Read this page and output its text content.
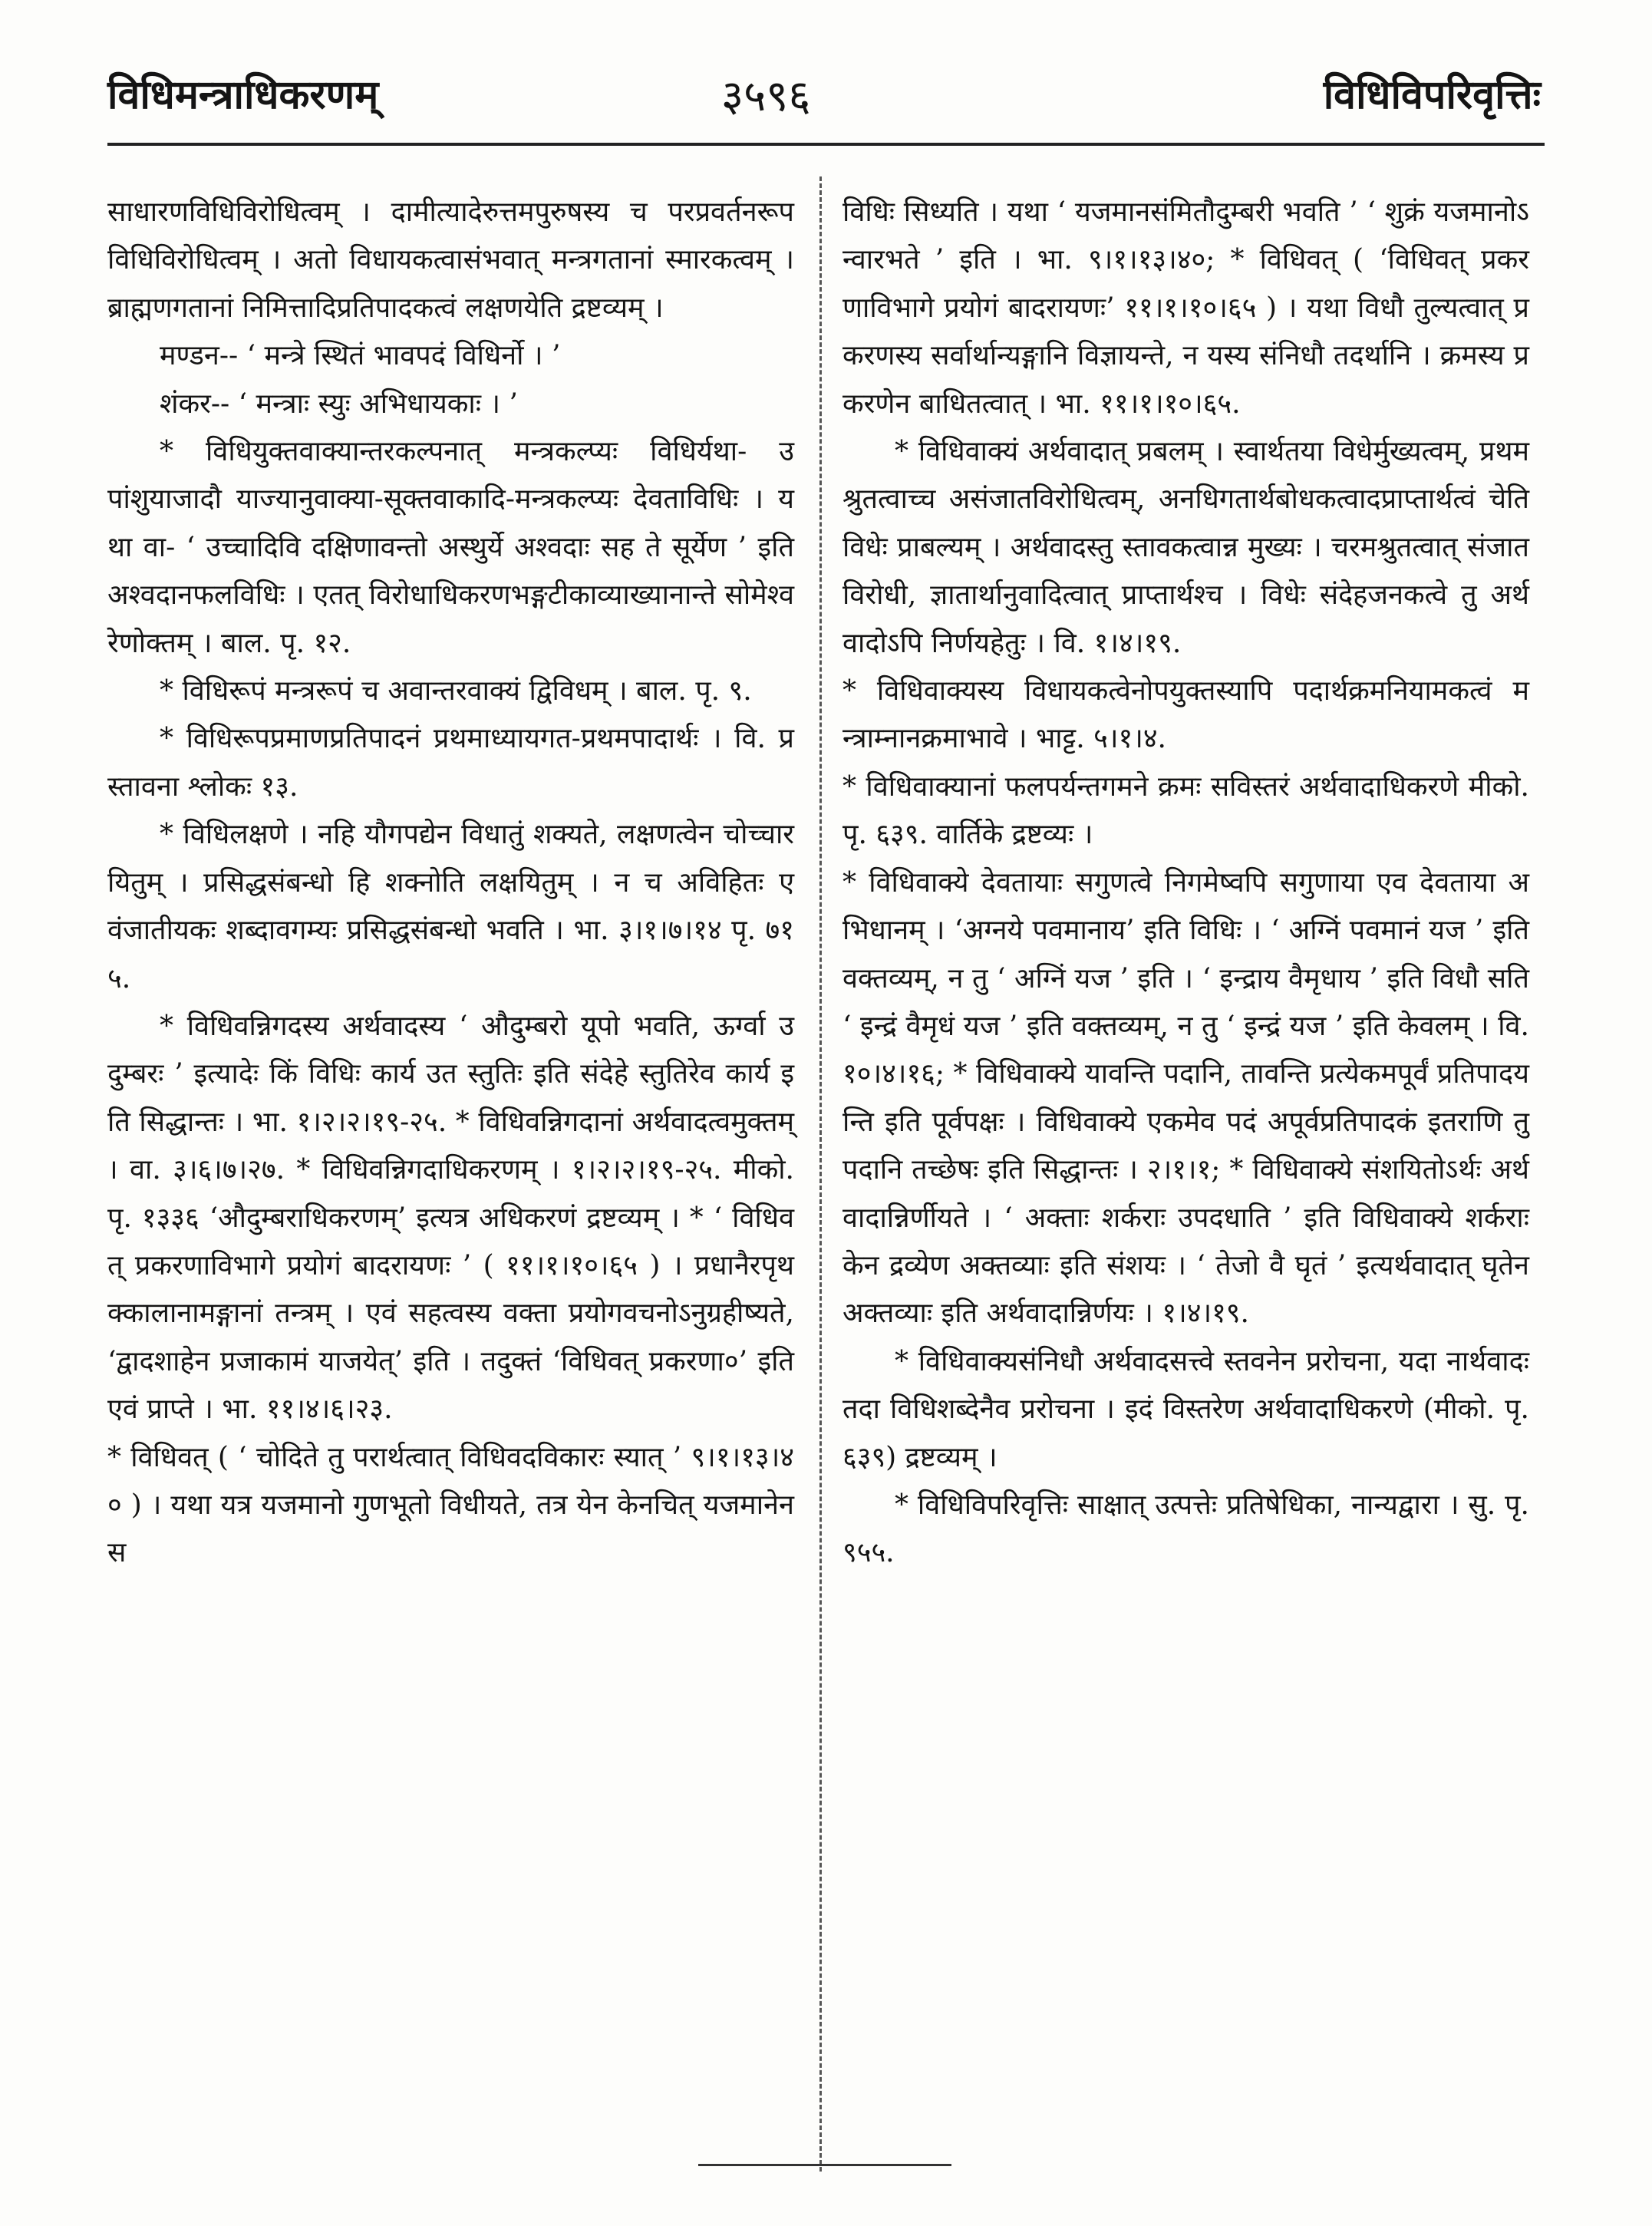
विधिमन्त्राधिकरणम्	३५९६	विधिविपरिवृत्तिः

साधारणविधिविरोधित्वम् । दामीत्यादेरुत्तमपुरुषस्य च परप्रवर्तनरूपविधिविरोधित्वम् । अतो विधायकत्वासंभवात् मन्त्रगतानां स्मारकत्वम् । ब्राह्मणगतानां निमित्तादिप्रतिपादकत्वं लक्षणयेति द्रष्टव्यम् ।

मण्डन-- ‘ मन्त्रे स्थितं भावपदं विधिर्नो । ’

शंकर-- ‘ मन्त्राः स्युः अभिधायकाः । ’

* विधियुक्तवाक्यान्तरकल्पनात् मन्त्रकल्प्यः विधिर्यथा- उपांशुयाजादौ याज्यानुवाक्या-सूक्तवाकादि-मन्त्रकल्प्यः देवताविधिः । यथा वा- ‘ उच्चादिवि दक्षिणावन्तो अस्थुर्ये अश्वदाः सह ते सूर्येण ’ इति अश्वदानफलविधिः । एतत् विरोधाधिकरणभङ्गटीकाव्याख्यानान्ते सोमेश्वरेणोक्तम् । बाल. पृ. १२.

* विधिरूपं मन्त्ररूपं च अवान्तरवाक्यं द्विविधम् । बाल. पृ. ९.

* विधिरूपप्रमाणप्रतिपादनं प्रथमाध्यायगत-प्रथमपादार्थः । वि. प्रस्तावना श्लोकः १३.

* विधिलक्षणे । नहि यौगपद्येन विधातुं शक्यते, लक्षणत्वेन चोच्चारयितुम् । प्रसिद्धसंबन्धो हि शक्नोति लक्षयितुम् । न च अविहितः एवंजातीयकः शब्दावगम्यः प्रसिद्धसंबन्धो भवति । भा. ३।१।७।१४ पृ. ७१५.

* विधिवन्निगदस्य अर्थवादस्य ‘ औदुम्बरो यूपो भवति, ऊर्ग्वा उदुम्बरः ’ इत्यादेः किं विधिः कार्य उत स्तुतिः इति संदेहे स्तुतिरेव कार्य इति सिद्धान्तः । भा. १।२।२।१९-२५. * विधिवन्निगदानां अर्थवादत्वमुक्तम् । वा. ३।६।७।२७. * विधिवन्निगदाधिकरणम् । १।२।२।१९-२५. मीको. पृ. १३३६ ‘औदुम्बराधिकरणम्’ इत्यत्र अधिकरणं द्रष्टव्यम् । * ‘ विधिवत् प्रकरणाविभागे प्रयोगं बादरायणः ’ ( ११।१।१०।६५ ) । प्रधानैरपृथक्कालानामङ्गानां तन्त्रम् । एवं सहत्वस्य वक्ता प्रयोगवचनोऽनुग्रहीष्यते, ‘द्वादशाहेन प्रजाकामं याजयेत्’ इति । तदुक्तं ‘विधिवत् प्रकरणा०’ इति एवं प्राप्ते । भा. ११।४।६।२३.

* विधिवत् ( ‘ चोदिते तु परार्थत्वात् विधिवदविकारः स्यात् ’ ९।१।१३।४० ) । यथा यत्र यजमानो गुणभूतो विधीयते, तत्र येन केनचित् यजमानेन स

विधिः सिध्यति । यथा ‘ यजमानसंमितौदुम्बरी भवति ’ ‘ शुक्रं यजमानोऽन्वारभते ’ इति । भा. ९।१।१३।४०; * विधिवत् ( ‘विधिवत् प्रकरणाविभागे प्रयोगं बादरायणः’ ११।१।१०।६५ ) । यथा विधौ तुल्यत्वात् प्रकरणस्य सर्वार्थान्यङ्गानि विज्ञायन्ते, न यस्य संनिधौ तदर्थानि । क्रमस्य प्रकरणेन बाधितत्वात् । भा. ११।१।१०।६५.

* विधिवाक्यं अर्थवादात् प्रबलम् । स्वार्थतया विधेर्मुख्यत्वम्, प्रथमश्रुतत्वाच्च असंजातविरोधित्वम्, अनधिगतार्थबोधकत्वादप्राप्तार्थत्वं चेति विधेः प्राबल्यम् । अर्थवादस्तु स्तावकत्वान्न मुख्यः । चरमश्रुतत्वात् संजातविरोधी, ज्ञातार्थानुवादित्वात् प्राप्तार्थश्च । विधेः संदेहजनकत्वे तु अर्थवादोऽपि निर्णयहेतुः । वि. १।४।१९.

* विधिवाक्यस्य विधायकत्वेनोपयुक्तस्यापि पदार्थक्रमनियामकत्वं मन्त्राम्नानक्रमाभावे । भाट्ट. ५।१।४.

* विधिवाक्यानां फलपर्यन्तगमने क्रमः सविस्तरं अर्थवादाधिकरणे मीको. पृ. ६३९. वार्तिके द्रष्टव्यः ।

* विधिवाक्ये देवतायाः सगुणत्वे निगमेष्वपि सगुणाया एव देवताया अभिधानम् । ‘अग्नये पवमानाय’ इति विधिः । ‘ अग्निं पवमानं यज ’ इति वक्तव्यम्, न तु ‘ अग्निं यज ’ इति । ‘ इन्द्राय वैमृधाय ’ इति विधौ सति ‘ इन्द्रं वैमृधं यज ’ इति वक्तव्यम्, न तु ‘ इन्द्रं यज ’ इति केवलम् । वि. १०।४।१६; * विधिवाक्ये यावन्ति पदानि, तावन्ति प्रत्येकमपूर्वं प्रतिपादयन्ति इति पूर्वपक्षः । विधिवाक्ये एकमेव पदं अपूर्वप्रतिपादकं इतराणि तु पदानि तच्छेषः इति सिद्धान्तः । २।१।१; * विधिवाक्ये संशयितोऽर्थः अर्थवादान्निर्णीयते । ‘ अक्ताः शर्कराः उपदधाति ’ इति विधिवाक्ये शर्कराः केन द्रव्येण अक्तव्याः इति संशयः । ‘ तेजो वै घृतं ’ इत्यर्थवादात् घृतेन अक्तव्याः इति अर्थवादान्निर्णयः । १।४।१९.

* विधिवाक्यसंनिधौ अर्थवादसत्त्वे स्तवनेन प्ररोचना, यदा नार्थवादः तदा विधिशब्देनैव प्ररोचना । इदं विस्तरेण अर्थवादाधिकरणे (मीको. पृ. ६३९) द्रष्टव्यम् ।

* विधिविपरिवृत्तिः साक्षात् उत्पत्तेः प्रतिषेधिका, नान्यद्वारा । सु. पृ. ९५५.
